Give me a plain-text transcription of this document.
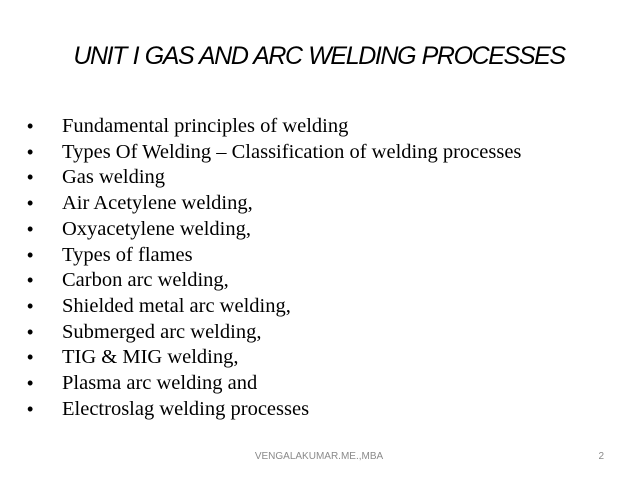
UNIT I GAS AND ARC WELDING PROCESSES
•	Fundamental principles of welding
•	Types Of Welding – Classification of welding processes
•	Gas welding
•	Air Acetylene welding,
•	Oxyacetylene welding,
•	Types of flames
•	Carbon arc welding,
•	Shielded metal arc welding,
•	Submerged arc welding,
•	TIG & MIG welding,
•	Plasma arc welding and
•	Electroslag welding processes
VENGALAKUMAR.ME.,MBA	2
